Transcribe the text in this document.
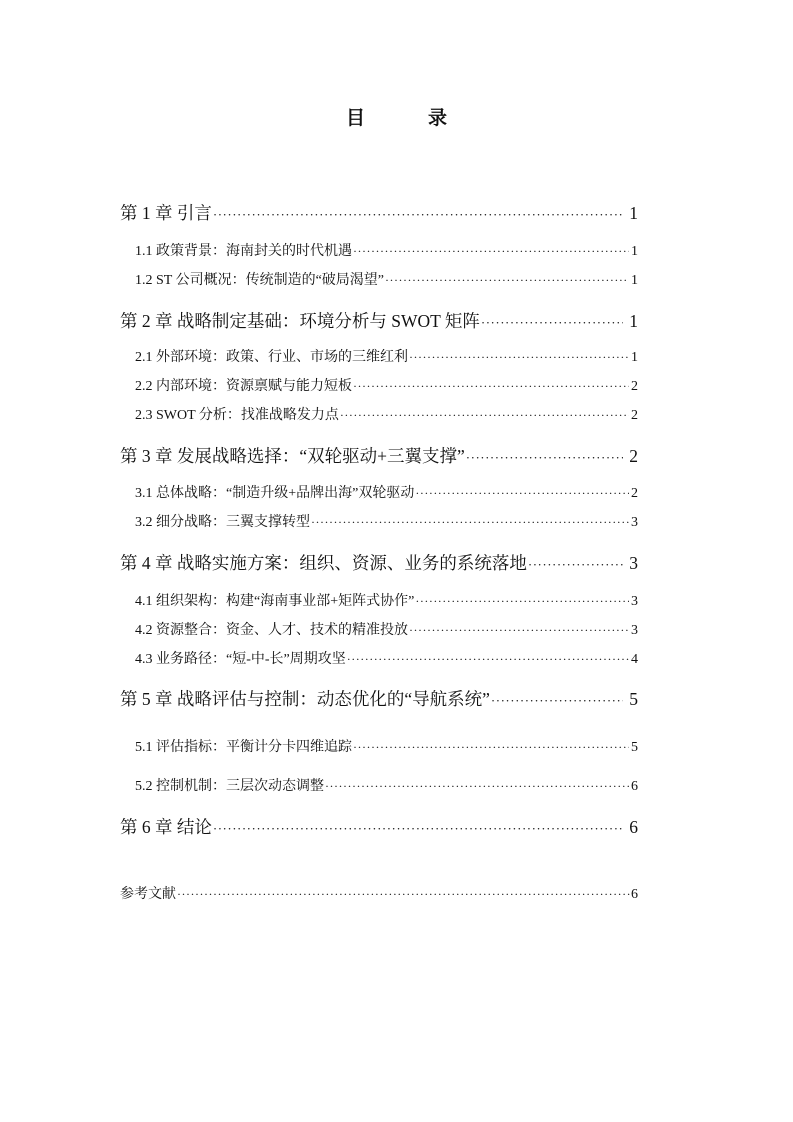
目　录
第 1 章 引言 ·····	1
1.1 政策背景：海南封关的时代机遇 ·····	1
1.2 ST 公司概况：传统制造的“破局渴望” ·····	1
第 2 章 战略制定基础：环境分析与 SWOT 矩阵 ·····	1
2.1 外部环境：政策、行业、市场的三维红利 ·····	1
2.2 内部环境：资源禀赋与能力短板 ·····	2
2.3 SWOT 分析：找准战略发力点 ·····	2
第 3 章 发展战略选择：“双轮驱动+三翼支撑” ·····	2
3.1 总体战略：“制造升级+品牌出海”双轮驱动 ·····	2
3.2 细分战略：三翼支撑转型 ·····	3
第 4 章 战略实施方案：组织、资源、业务的系统落地 ·····	3
4.1 组织架构：构建“海南事业部+矩阵式协作” ·····	3
4.2 资源整合：资金、人才、技术的精准投放 ·····	3
4.3 业务路径：“短-中-长”周期攻坚 ·····	4
第 5 章 战略评估与控制：动态优化的“导航系统” ·····	5
5.1 评估指标：平衡计分卡四维追踪 ·····	5
5.2 控制机制：三层次动态调整 ·····	6
第 6 章 结论 ·····	6
参考文献 ·····	6
